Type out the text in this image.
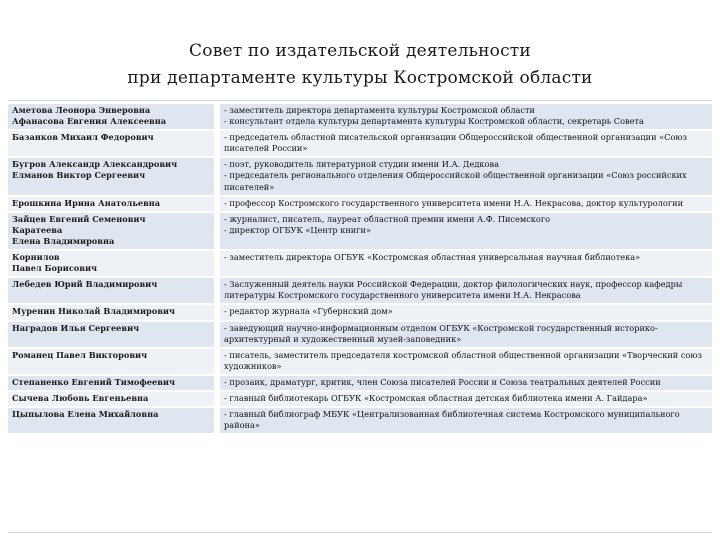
Совет по издательской деятельности
при департаменте культуры Костромской области
Аметова Леонора Энверовна
Афанасова Евгения Алексеевна		- заместитель директора департамента культуры Костромской области
- консультант отдела культуры департамента культуры Костромской области, секретарь Совета

Базанков Михаил Федорович		- председатель областной писательской организации Общероссийской общественной организации «Союз писателей России»

Бугров Александр Александрович
Елманов Виктор Сергеевич		- поэт, руководитель литературной студии имени И.А. Дедкова
- председатель регионального отделения Общероссийской общественной организации «Союз российских писателей»

Ерошкина Ирина Анатольевна		- профессор Костромского государственного университета имени Н.А. Некрасова, доктор культурологии

Зайцев Евгений Семенович
Каратеева
Елена Владимировна		- журналист, писатель, лауреат областной премии имени А.Ф. Писемского
- директор ОГБУК «Центр книги»

Корнилов
Павел Борисович		- заместитель директора ОГБУК «Костромская областная универсальная научная библиотека»

Лебедев Юрий Владимирович		- Заслуженный деятель науки Российской Федерации, доктор филологических наук, профессор кафедры литературы Костромского государственного университета имени Н.А. Некрасова

Муренин Николай Владимирович		- редактор журнала «Губернский дом»

Наградов Илья Сергеевич		- заведующий научно-информационным отделом ОГБУК «Костромской государственный историко-архитектурный и художественный музей-заповедник»

Романец Павел Викторович		- писатель, заместитель председателя костромской областной общественной организации «Творческий союз художников»

Степаненко Евгений Тимофеевич		- прозаик, драматург, критик, член Союза писателей России и Союза театральных деятелей России

Сычева Любовь Евгеньевна		- главный библиотекарь ОГБУК «Костромская областная детская библиотека имени А. Гайдара»

Цыпылова Елена Михайловна		- главный библиограф МБУК «Централизованная библиотечная система Костромского муниципального района»
